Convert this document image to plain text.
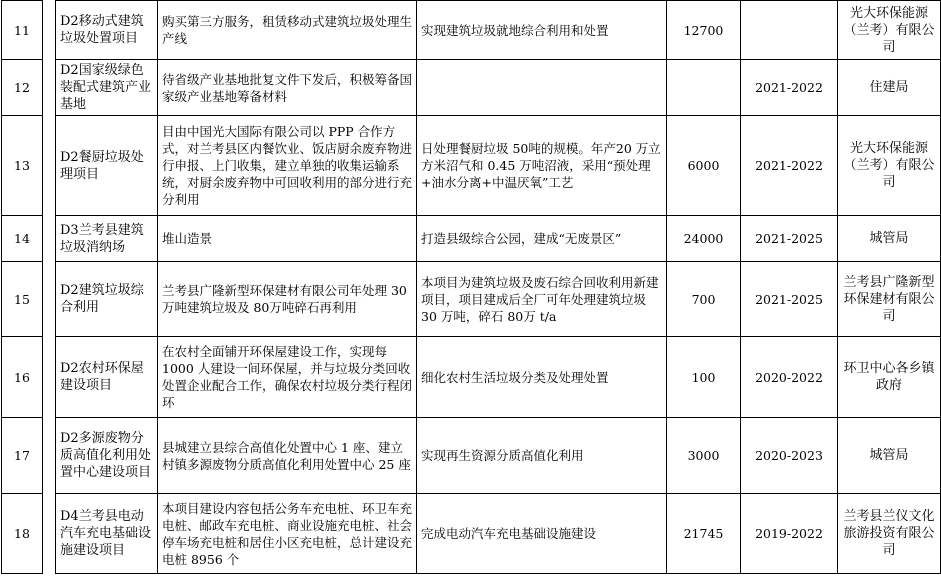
11		D2移动式建筑垃圾处置项目	购买第三方服务，租赁移动式建筑垃圾处理生产线	实现建筑垃圾就地综合利用和处置	12700		光大环保能源（兰考）有限公司
12		D2国家级绿色装配式建筑产业基地	待省级产业基地批复文件下发后，积极筹备国家级产业基地筹备材料			2021-2022	住建局
13		D2餐厨垃圾处理项目	目由中国光大国际有限公司以 PPP 合作方式，对兰考县区内餐饮业、饭店厨余废弃物进行申报、上门收集，建立单独的收集运输系统，对厨余废弃物中可回收利用的部分进行充分利用	日处理餐厨垃圾 50吨的规模。年产20 万立方米沼气和 0.45 万吨沼液，采用“预处理+油水分离+中温厌氧”工艺	6000	2021-2022	光大环保能源（兰考）有限公司
14		D3兰考县建筑垃圾消纳场	堆山造景	打造县级综合公园，建成“无废景区”	24000	2021-2025	城管局
15		D2建筑垃圾综合利用	兰考县广隆新型环保建材有限公司年处理 30万吨建筑垃圾及 80万吨碎石再利用	本项目为建筑垃圾及废石综合回收利用新建项目，项目建成后全厂可年处理建筑垃圾 30 万吨，碎石 80万 t/a	700	2021-2025	兰考县广隆新型环保建材有限公司
16		D2农村环保屋建设项目	在农村全面铺开环保屋建设工作，实现每1000 人建设一间环保屋，并与垃圾分类回收处置企业配合工作，确保农村垃圾分类行程闭环	细化农村生活垃圾分类及处理处置	100	2020-2022	环卫中心各乡镇政府
17		D2多源废物分质高值化利用处置中心建设项目	县城建立县综合高值化处置中心 1 座、建立村镇多源废物分质高值化利用处置中心 25 座	实现再生资源分质高值化利用	3000	2020-2023	城管局
18		D4兰考县电动汽车充电基础设施建设项目	本项目建设内容包括公务车充电桩、环卫车充电桩、邮政车充电桩、商业设施充电桩、社会停车场充电桩和居住小区充电桩，总计建设充电桩 8956 个	完成电动汽车充电基础设施建设	21745	2019-2022	兰考县兰仪文化旅游投资有限公司
